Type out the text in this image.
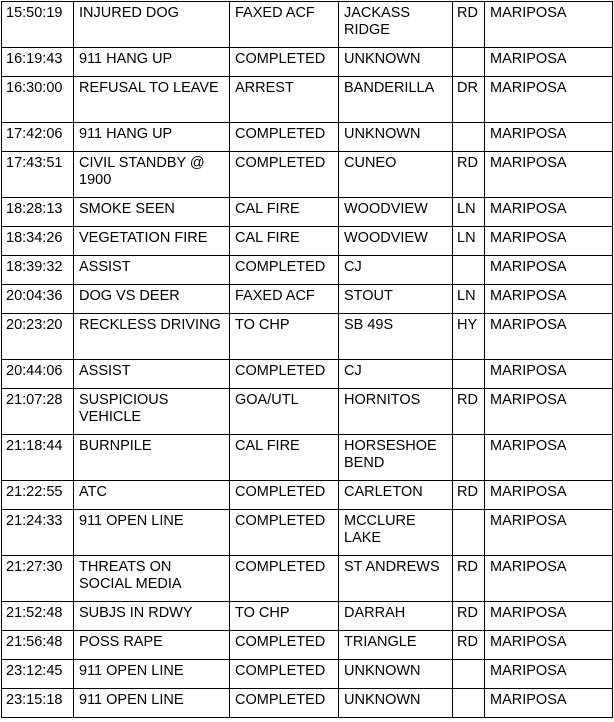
15:50:19	INJURED DOG	FAXED ACF	JACKASS RIDGE	RD	MARIPOSA
16:19:43	911 HANG UP	COMPLETED	UNKNOWN		MARIPOSA
16:30:00	REFUSAL TO LEAVE	ARREST	BANDERILLA	DR	MARIPOSA
17:42:06	911 HANG UP	COMPLETED	UNKNOWN		MARIPOSA
17:43:51	CIVIL STANDBY @ 1900	COMPLETED	CUNEO	RD	MARIPOSA
18:28:13	SMOKE SEEN	CAL FIRE	WOODVIEW	LN	MARIPOSA
18:34:26	VEGETATION FIRE	CAL FIRE	WOODVIEW	LN	MARIPOSA
18:39:32	ASSIST	COMPLETED	CJ		MARIPOSA
20:04:36	DOG VS DEER	FAXED ACF	STOUT	LN	MARIPOSA
20:23:20	RECKLESS DRIVING	TO CHP	SB 49S	HY	MARIPOSA
20:44:06	ASSIST	COMPLETED	CJ		MARIPOSA
21:07:28	SUSPICIOUS VEHICLE	GOA/UTL	HORNITOS	RD	MARIPOSA
21:18:44	BURNPILE	CAL FIRE	HORSESHOE BEND		MARIPOSA
21:22:55	ATC	COMPLETED	CARLETON	RD	MARIPOSA
21:24:33	911 OPEN LINE	COMPLETED	MCCLURE LAKE		MARIPOSA
21:27:30	THREATS ON SOCIAL MEDIA	COMPLETED	ST ANDREWS	RD	MARIPOSA
21:52:48	SUBJS IN RDWY	TO CHP	DARRAH	RD	MARIPOSA
21:56:48	POSS RAPE	COMPLETED	TRIANGLE	RD	MARIPOSA
23:12:45	911 OPEN LINE	COMPLETED	UNKNOWN		MARIPOSA
23:15:18	911 OPEN LINE	COMPLETED	UNKNOWN		MARIPOSA
